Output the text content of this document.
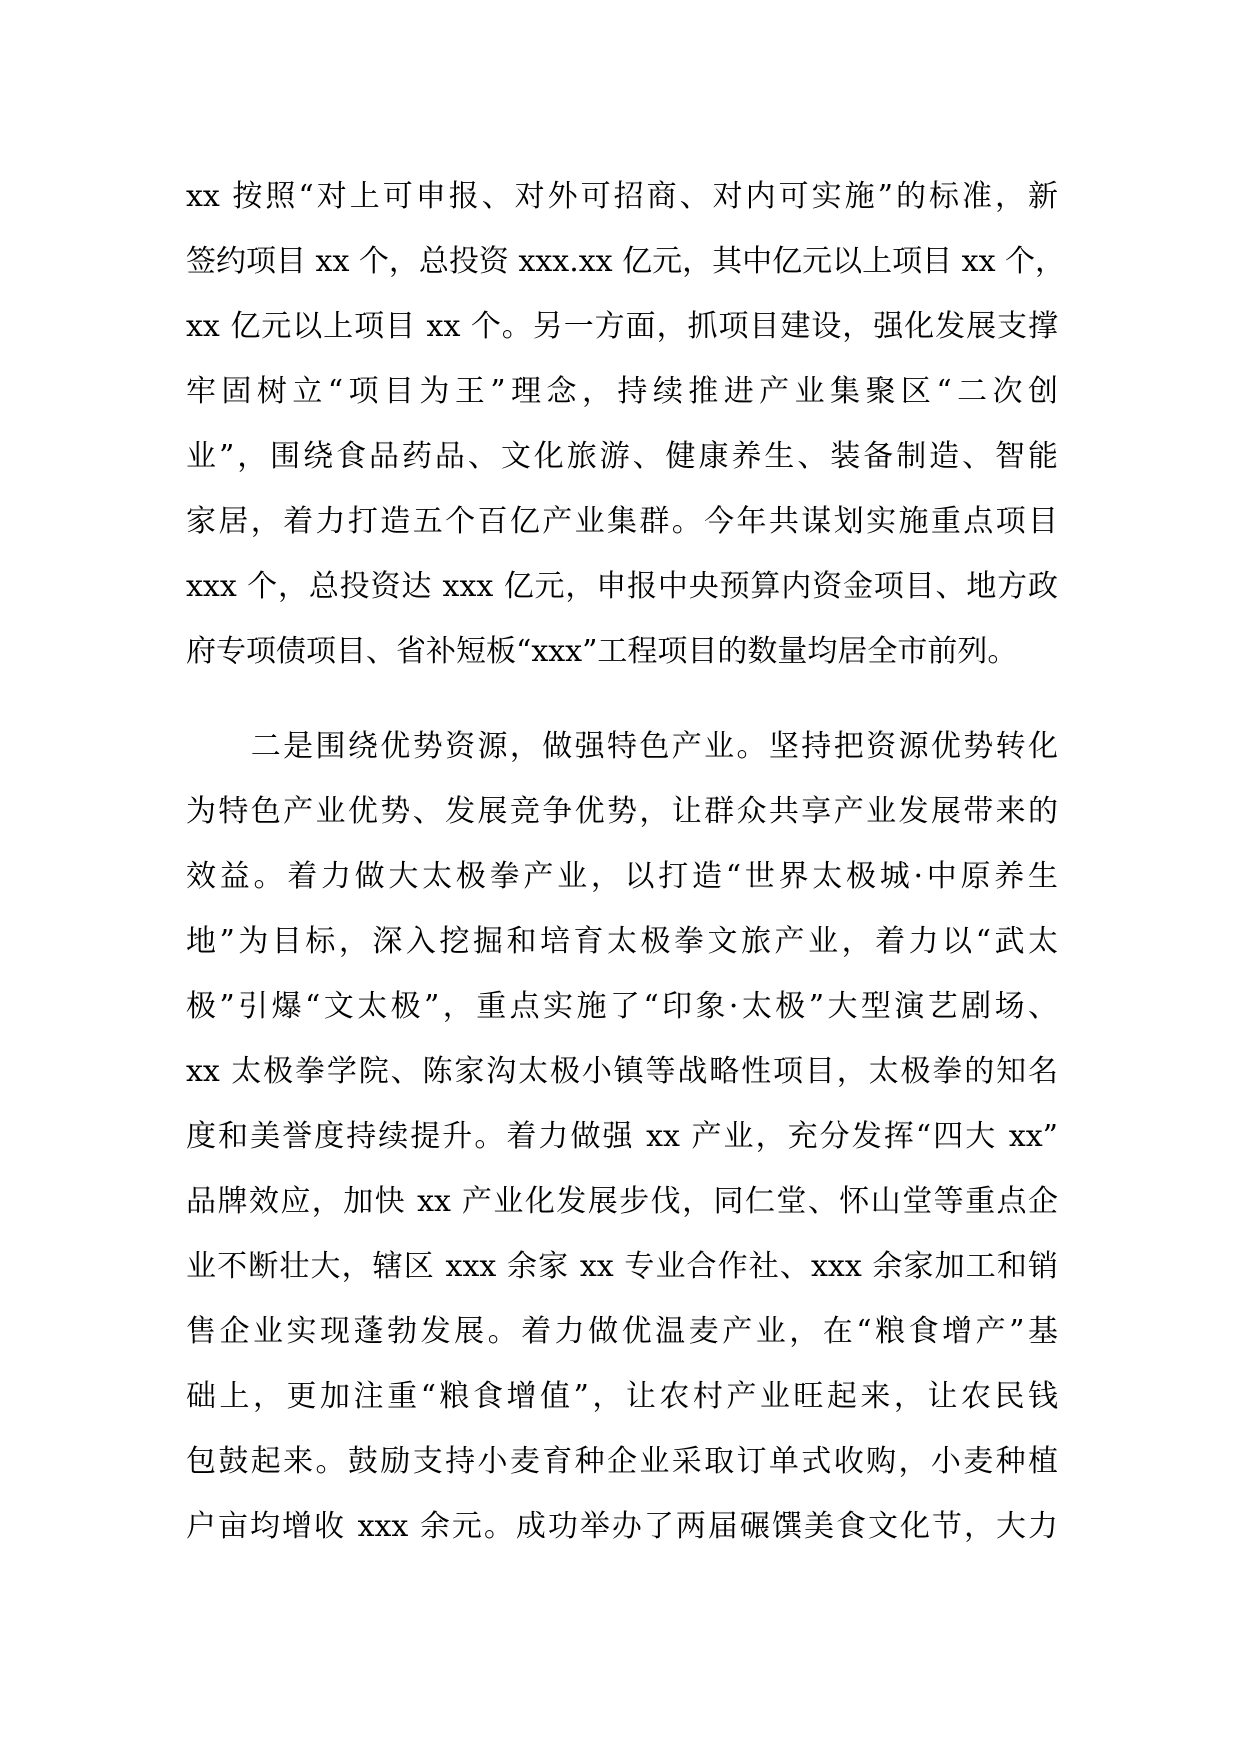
xx 按照“对上可申报、对外可招商、对内可实施”的标准，新
签约项目 xx 个，总投资 xxx.xx 亿元，其中亿元以上项目 xx 个，
xx 亿元以上项目 xx 个。另一方面，抓项目建设，强化发展支撑
牢固树立“项目为王”理念，持续推进产业集聚区“二次创
业”，围绕食品药品、文化旅游、健康养生、装备制造、智能
家居，着力打造五个百亿产业集群。今年共谋划实施重点项目
xxx 个，总投资达 xxx 亿元，申报中央预算内资金项目、地方政
府专项债项目、省补短板“xxx”工程项目的数量均居全市前列。
　　二是围绕优势资源，做强特色产业。坚持把资源优势转化
为特色产业优势、发展竞争优势，让群众共享产业发展带来的
效益。着力做大太极拳产业，以打造“世界太极城·中原养生
地”为目标，深入挖掘和培育太极拳文旅产业，着力以“武太
极”引爆“文太极”，重点实施了“印象·太极”大型演艺剧场、
xx 太极拳学院、陈家沟太极小镇等战略性项目，太极拳的知名
度和美誉度持续提升。着力做强 xx 产业，充分发挥“四大 xx”
品牌效应，加快 xx 产业化发展步伐，同仁堂、怀山堂等重点企
业不断壮大，辖区 xxx 余家 xx 专业合作社、xxx 余家加工和销
售企业实现蓬勃发展。着力做优温麦产业，在“粮食增产”基
础上，更加注重“粮食增值”，让农村产业旺起来，让农民钱
包鼓起来。鼓励支持小麦育种企业采取订单式收购，小麦种植
户亩均增收 xxx 余元。成功举办了两届碾馔美食文化节，大力
